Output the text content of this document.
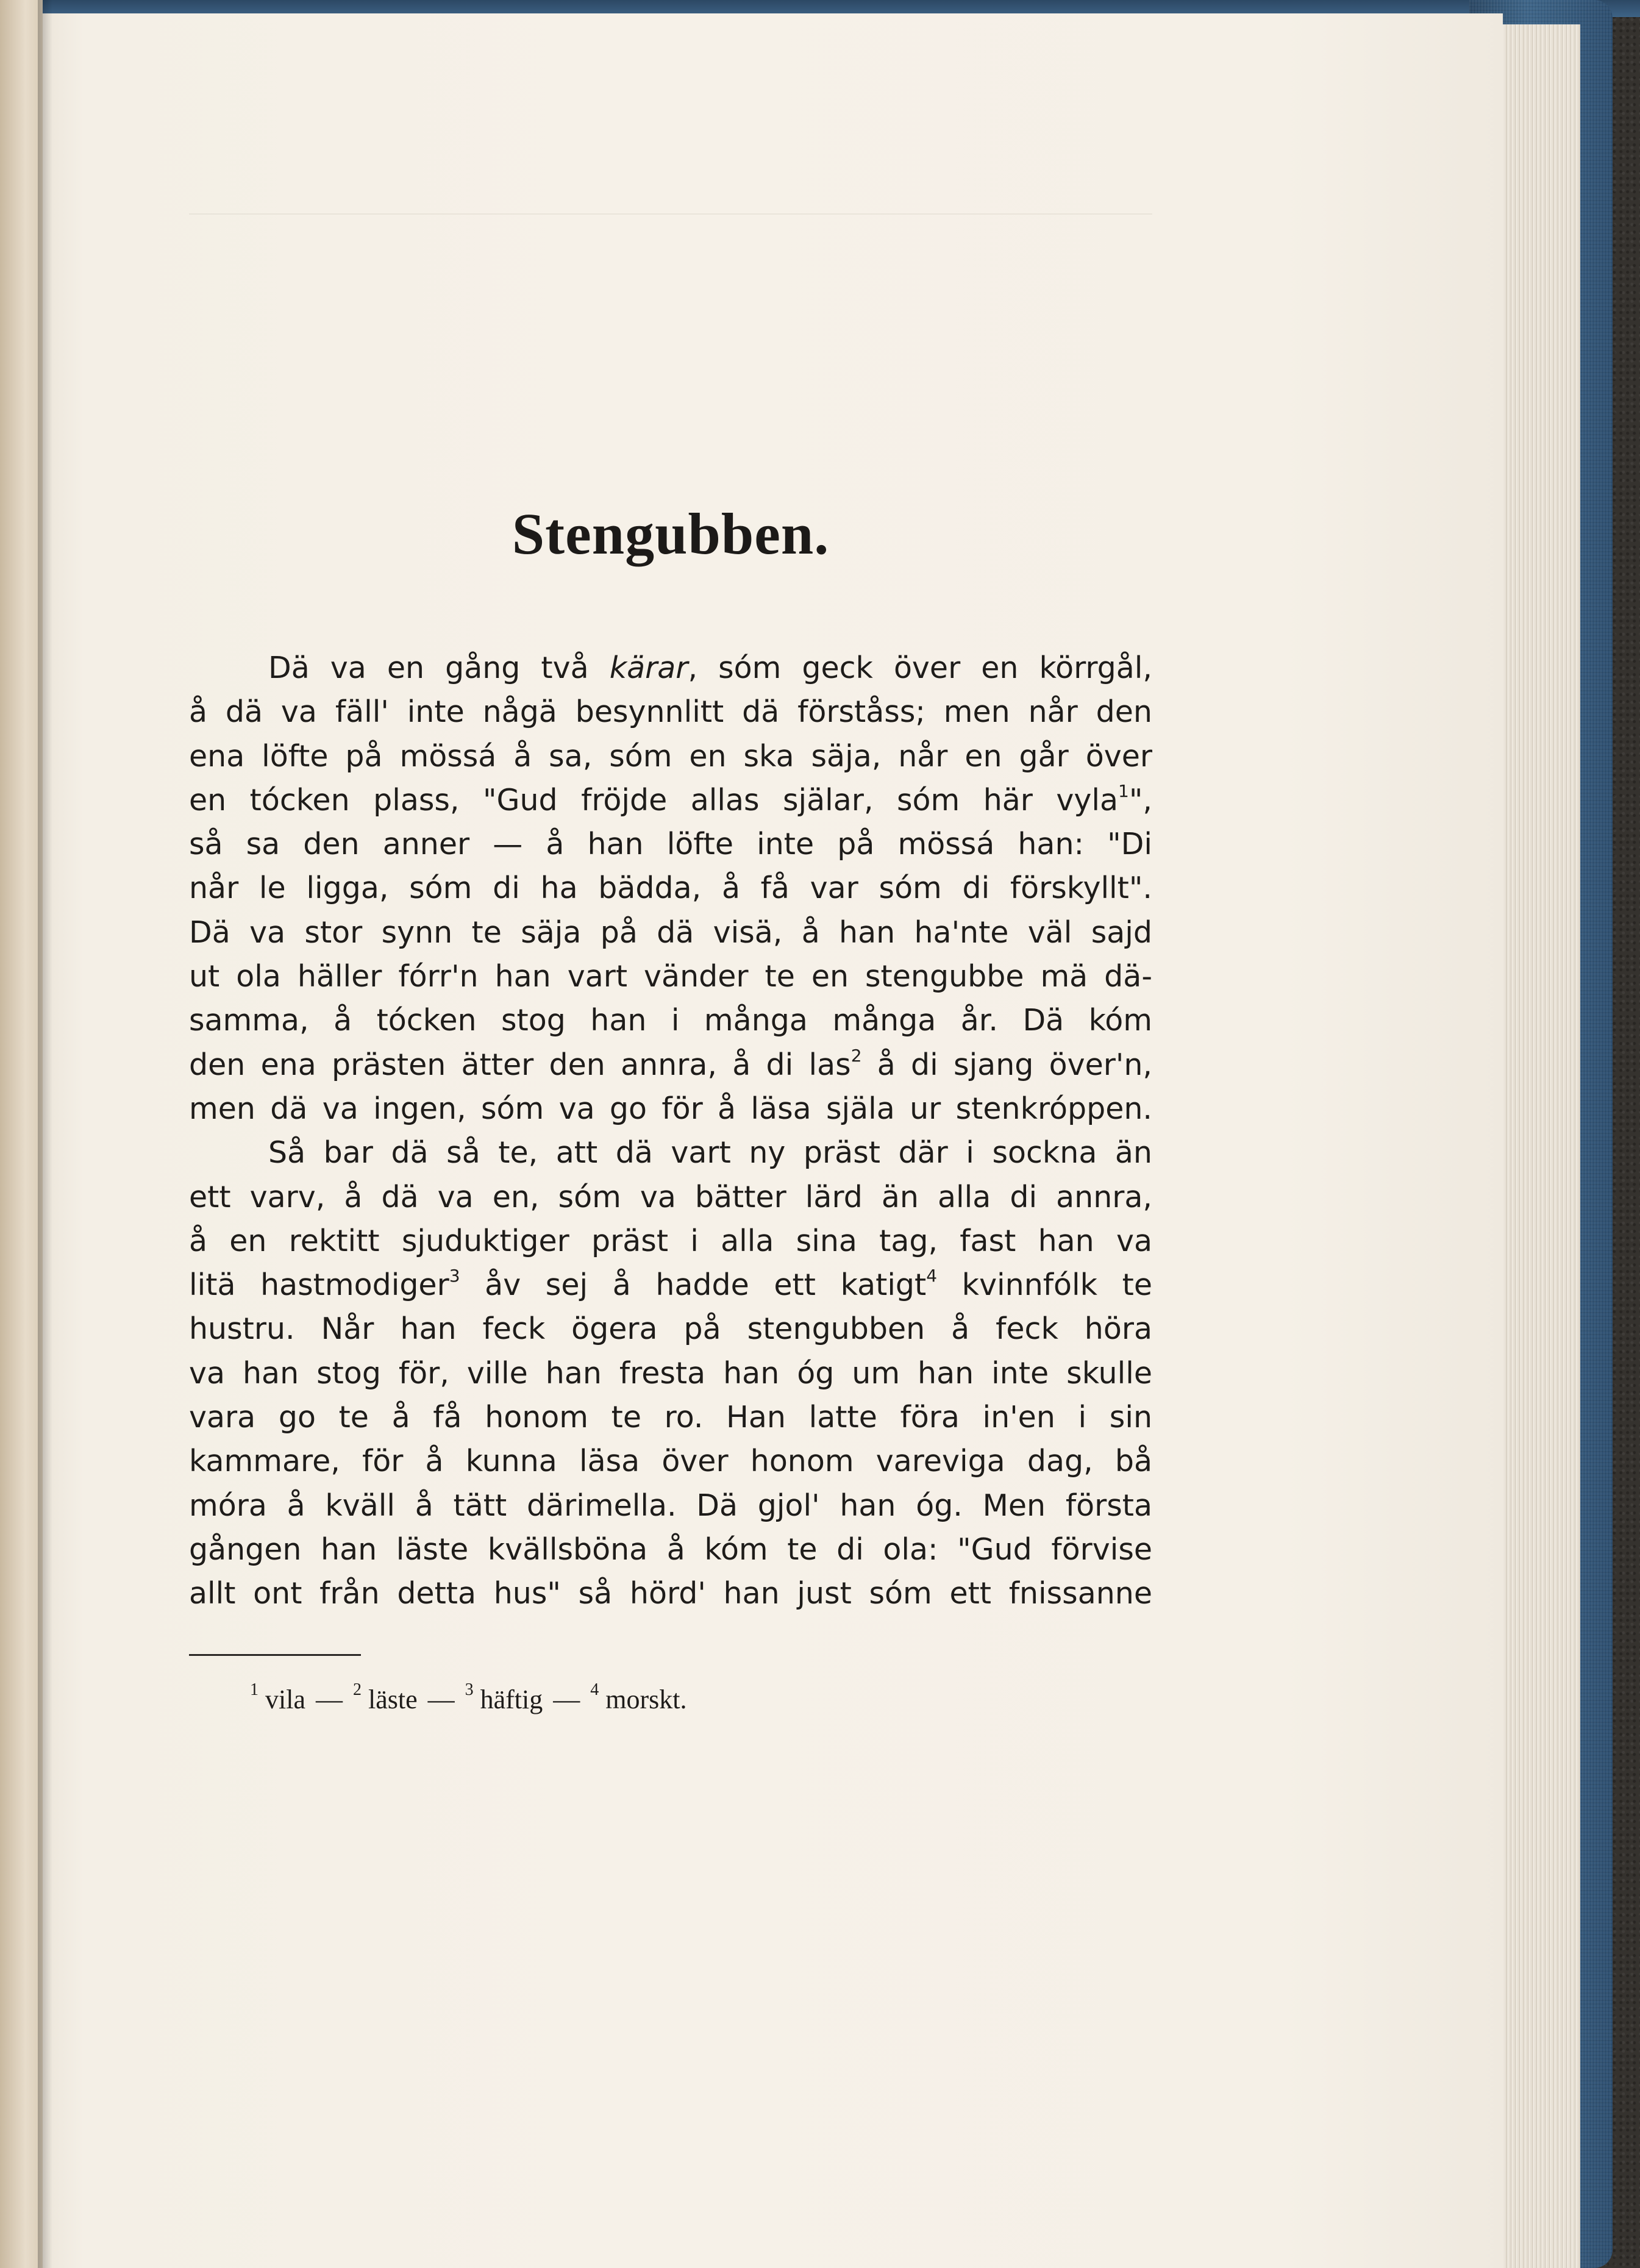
Stengubben.
Dä va en gång två kärar, sóm geck över en körrgål,
å dä va fäll' inte någä besynnlitt dä förståss; men når den
ena löfte på mössá å sa, sóm en ska säja, når en går över
en tócken plass, "Gud fröjde allas själar, sóm här vyla$^1$",
så sa den anner — å han löfte inte på mössá han: "Di
når le ligga, sóm di ha bädda, å få var sóm di förskyllt".
Dä va stor synn te säja på dä visä, å han ha'nte väl sajd
ut ola häller fórr'n han vart vänder te en stengubbe mä dä-
samma, å tócken stog han i många många år. Dä kóm
den ena prästen ätter den annra, å di las$^2$ å di sjang över'n,
men dä va ingen, sóm va go för å läsa själa ur stenkróppen.
Så bar dä så te, att dä vart ny präst där i sockna än
ett varv, å dä va en, sóm va bätter lärd än alla di annra,
å en rektitt sjuduktiger präst i alla sina tag, fast han va
litä hastmodiger$^3$ åv sej å hadde ett katigt$^4$ kvinnfólk te
hustru. Når han feck ögera på stengubben å feck höra
va han stog för, ville han fresta han óg um han inte skulle
vara go te å få honom te ro. Han latte föra in'en i sin
kammare, för å kunna läsa över honom vareviga dag, bå
móra å kväll å tätt därimella. Dä gjol' han óg. Men första
gången han läste kvällsböna å kóm te di ola: "Gud förvise
allt ont från detta hus" så hörd' han just sóm ett fnissanne
$^1$ vila — $^2$ läste — $^3$ häftig — $^4$ morskt.
